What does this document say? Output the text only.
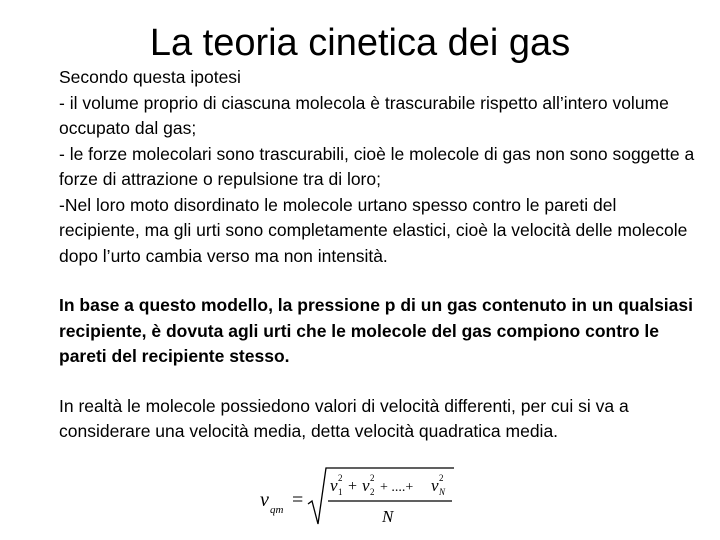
La teoria cinetica dei gas

Secondo questa ipotesi

- il volume proprio di ciascuna molecola è trascurabile rispetto all’intero volume occupato dal gas;

- le forze molecolari sono trascurabili, cioè le molecole di gas non sono soggette a forze di attrazione o repulsione tra di loro;

-Nel loro moto disordinato le molecole urtano spesso contro le pareti del recipiente, ma gli urti sono completamente elastici, cioè la velocità delle molecole dopo l’urto cambia verso ma non intensità.

In base a questo modello, la pressione p di un gas contenuto in un qualsiasi recipiente, è dovuta agli urti che le molecole del gas compiono contro le pareti del recipiente stesso.

In realtà le molecole possiedono valori di velocità differenti, per cui si va a considerare una velocità media, detta velocità quadratica media.

v qm =
v 1
2 + v 2
2
+ ....+ v N
2
N
